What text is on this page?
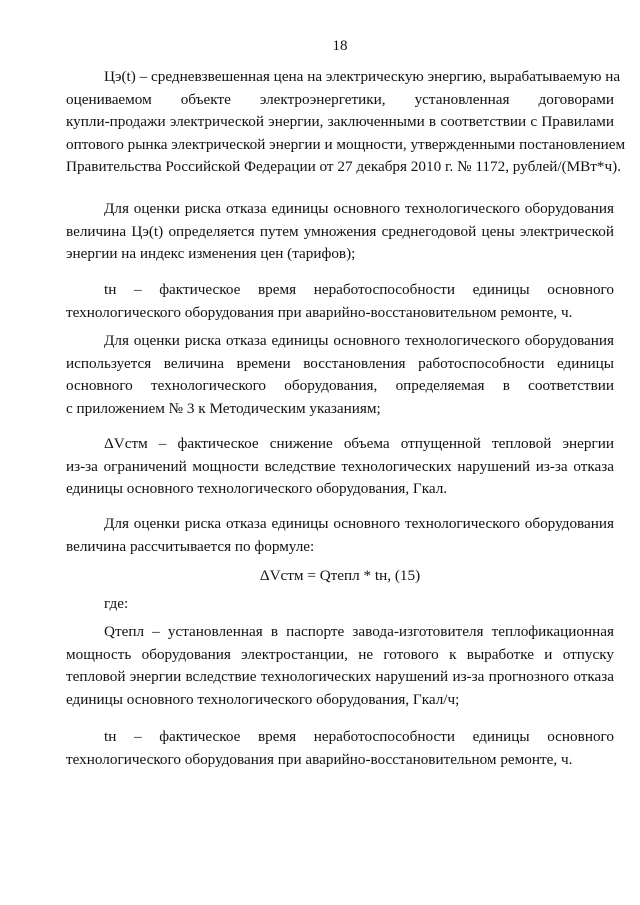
18
Цэ(t) – средневзвешенная цена на электрическую энергию, вырабатываемую на
оцениваемом объекте электроэнергетики, установленная договорами
купли-продажи электрической энергии, заключенными в соответствии с Правилами
оптового рынка электрической энергии и мощности, утвержденными постановлением
Правительства Российской Федерации от 27 декабря 2010 г. № 1172, рублей/(МВт*ч).
Для оценки риска отказа единицы основного технологического оборудования
величина Цэ(t) определяется путем умножения среднегодовой цены электрической
энергии на индекс изменения цен (тарифов);
tн – фактическое время неработоспособности единицы основного
технологического оборудования при аварийно-восстановительном ремонте, ч.
Для оценки риска отказа единицы основного технологического оборудования
используется величина времени восстановления работоспособности единицы
основного технологического оборудования, определяемая в соответствии
с приложением № 3 к Методическим указаниям;
ΔVстм – фактическое снижение объема отпущенной тепловой энергии
из-за ограничений мощности вследствие технологических нарушений из-за отказа
единицы основного технологического оборудования, Гкал.
Для оценки риска отказа единицы основного технологического оборудования
величина рассчитывается по формуле:
ΔVстм = Qтепл * tн, (15)
где:
Qтепл – установленная в паспорте завода-изготовителя теплофикационная
мощность оборудования электростанции, не готового к выработке и отпуску
тепловой энергии вследствие технологических нарушений из-за прогнозного отказа
единицы основного технологического оборудования, Гкал/ч;
tн – фактическое время неработоспособности единицы основного
технологического оборудования при аварийно-восстановительном ремонте, ч.
